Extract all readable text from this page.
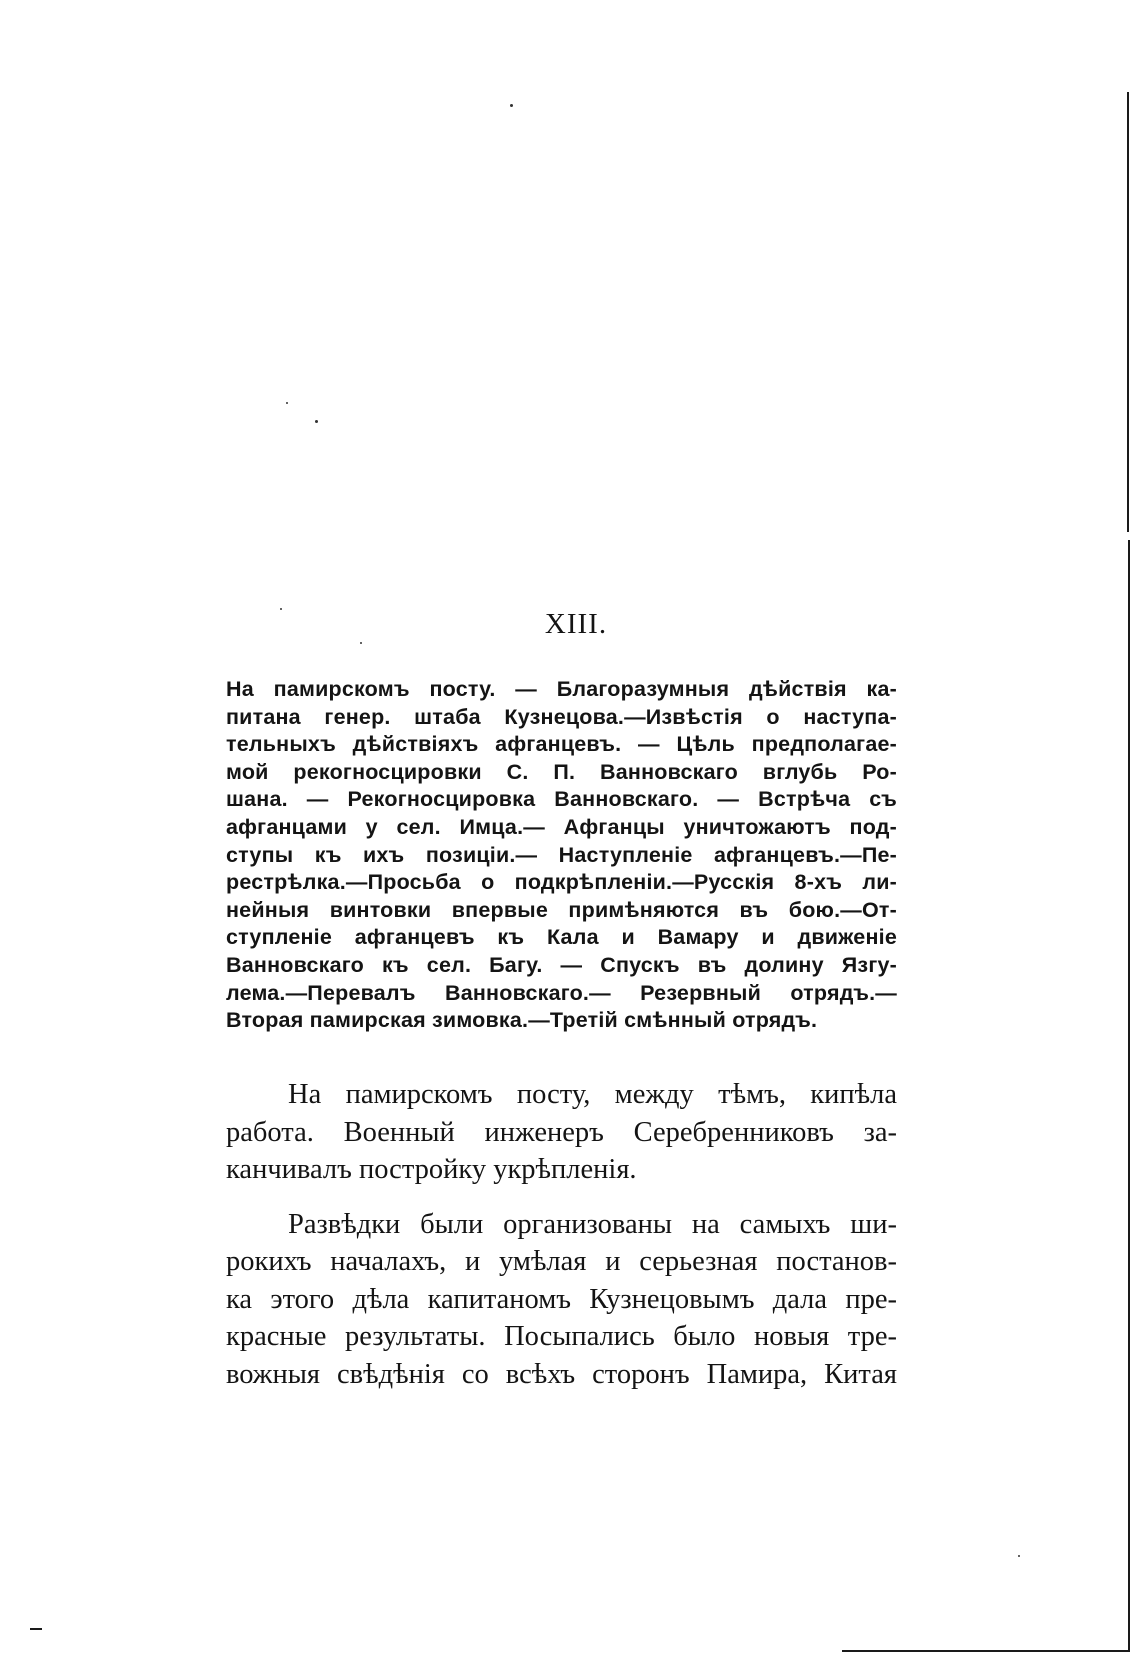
XIII.
На памирскомъ посту. — Благоразумныя дѣйствія ка-
питана генер. штаба Кузнецова.—Извѣстія о наступа-
тельныхъ дѣйствіяхъ афганцевъ. — Цѣль предполагае-
мой рекогносцировки С. П. Ванновскаго вглубь Ро-
шана. — Рекогносцировка Ванновскаго. — Встрѣча съ
афганцами у сел. Имца.— Афганцы уничтожаютъ под-
ступы къ ихъ позиціи.— Наступленіе афганцевъ.—Пе-
рестрѣлка.—Просьба о подкрѣпленіи.—Русскія 8-хъ ли-
нейныя винтовки впервые примѣняются въ бою.—От-
ступленіе афганцевъ къ Кала и Вамару и движеніе
Ванновскаго къ сел. Багу. — Спускъ въ долину Язгу-
лема.—Перевалъ Ванновскаго.— Резервный отрядъ.—
Вторая памирская зимовка.—Третій смѣнный отрядъ.
На памирскомъ посту, между тѣмъ, кипѣла
работа. Военный инженеръ Серебренниковъ за-
канчивалъ постройку укрѣпленія.
Развѣдки были организованы на самыхъ ши-
рокихъ началахъ, и умѣлая и серьезная постанов-
ка этого дѣла капитаномъ Кузнецовымъ дала пре-
красные результаты. Посыпались было новыя тре-
вожныя свѣдѣнія со всѣхъ сторонъ Памира, Китая
